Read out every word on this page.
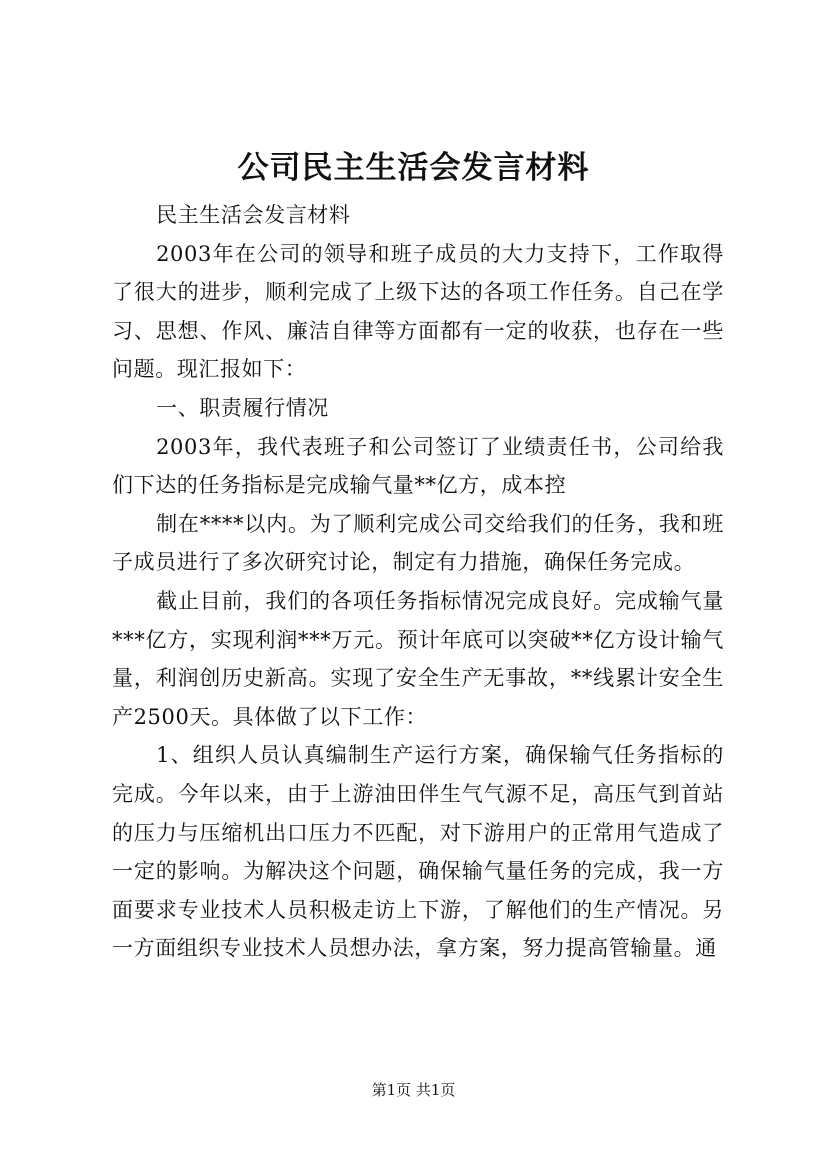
公司民主生活会发言材料

民主生活会发言材料

2003年在公司的领导和班子成员的大力支持下，工作取得了很大的进步，顺利完成了上级下达的各项工作任务。自己在学习、思想、作风、廉洁自律等方面都有一定的收获，也存在一些问题。现汇报如下：

一、职责履行情况

2003年，我代表班子和公司签订了业绩责任书，公司给我们下达的任务指标是完成输气量**亿方，成本控

制在****以内。为了顺利完成公司交给我们的任务，我和班子成员进行了多次研究讨论，制定有力措施，确保任务完成。

截止目前，我们的各项任务指标情况完成良好。完成输气量***亿方，实现利润***万元。预计年底可以突破**亿方设计输气量，利润创历史新高。实现了安全生产无事故，**线累计安全生产2500天。具体做了以下工作：

1、组织人员认真编制生产运行方案，确保输气任务指标的完成。今年以来，由于上游油田伴生气气源不足，高压气到首站的压力与压缩机出口压力不匹配，对下游用户的正常用气造成了一定的影响。为解决这个问题，确保输气量任务的完成，我一方面要求专业技术人员积极走访上下游，了解他们的生产情况。另一方面组织专业技术人员想办法，拿方案，努力提高管输量。通

第1页 共1页
